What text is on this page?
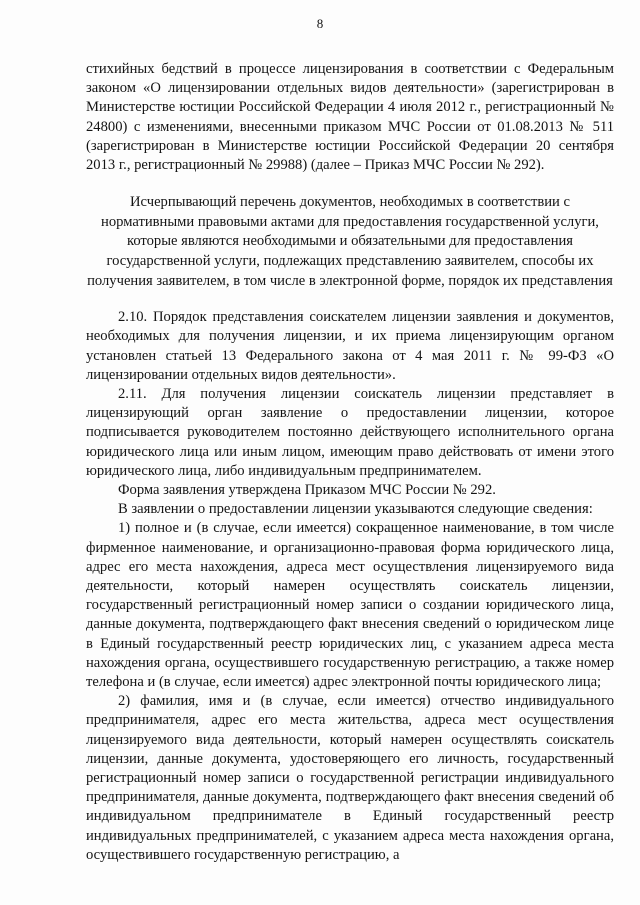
8

стихийных бедствий в процессе лицензирования в соответствии с Федеральным законом «О лицензировании отдельных видов деятельности» (зарегистрирован в Министерстве юстиции Российской Федерации 4 июля 2012 г., регистрационный № 24800) с изменениями, внесенными приказом МЧС России от 01.08.2013 № 511 (зарегистрирован в Министерстве юстиции Российской Федерации 20 сентября 2013 г., регистрационный № 29988) (далее – Приказ МЧС России № 292).

Исчерпывающий перечень документов, необходимых в соответствии с нормативными правовыми актами для предоставления государственной услуги, которые являются необходимыми и обязательными для предоставления государственной услуги, подлежащих представлению заявителем, способы их получения заявителем, в том числе в электронной форме, порядок их представления

2.10. Порядок представления соискателем лицензии заявления и документов, необходимых для получения лицензии, и их приема лицензирующим органом установлен статьей 13 Федерального закона от 4 мая 2011 г. № 99-ФЗ «О лицензировании отдельных видов деятельности».

2.11. Для получения лицензии соискатель лицензии представляет в лицензирующий орган заявление о предоставлении лицензии, которое подписывается руководителем постоянно действующего исполнительного органа юридического лица или иным лицом, имеющим право действовать от имени этого юридического лица, либо индивидуальным предпринимателем.

Форма заявления утверждена Приказом МЧС России № 292.

В заявлении о предоставлении лицензии указываются следующие сведения:

1) полное и (в случае, если имеется) сокращенное наименование, в том числе фирменное наименование, и организационно-правовая форма юридического лица, адрес его места нахождения, адреса мест осуществления лицензируемого вида деятельности, который намерен осуществлять соискатель лицензии, государственный регистрационный номер записи о создании юридического лица, данные документа, подтверждающего факт внесения сведений о юридическом лице в Единый государственный реестр юридических лиц, с указанием адреса места нахождения органа, осуществившего государственную регистрацию, а также номер телефона и (в случае, если имеется) адрес электронной почты юридического лица;

2) фамилия, имя и (в случае, если имеется) отчество индивидуального предпринимателя, адрес его места жительства, адреса мест осуществления лицензируемого вида деятельности, который намерен осуществлять соискатель лицензии, данные документа, удостоверяющего его личность, государственный регистрационный номер записи о государственной регистрации индивидуального предпринимателя, данные документа, подтверждающего факт внесения сведений об индивидуальном предпринимателе в Единый государственный реестр индивидуальных предпринимателей, с указанием адреса места нахождения органа, осуществившего государственную регистрацию, а
